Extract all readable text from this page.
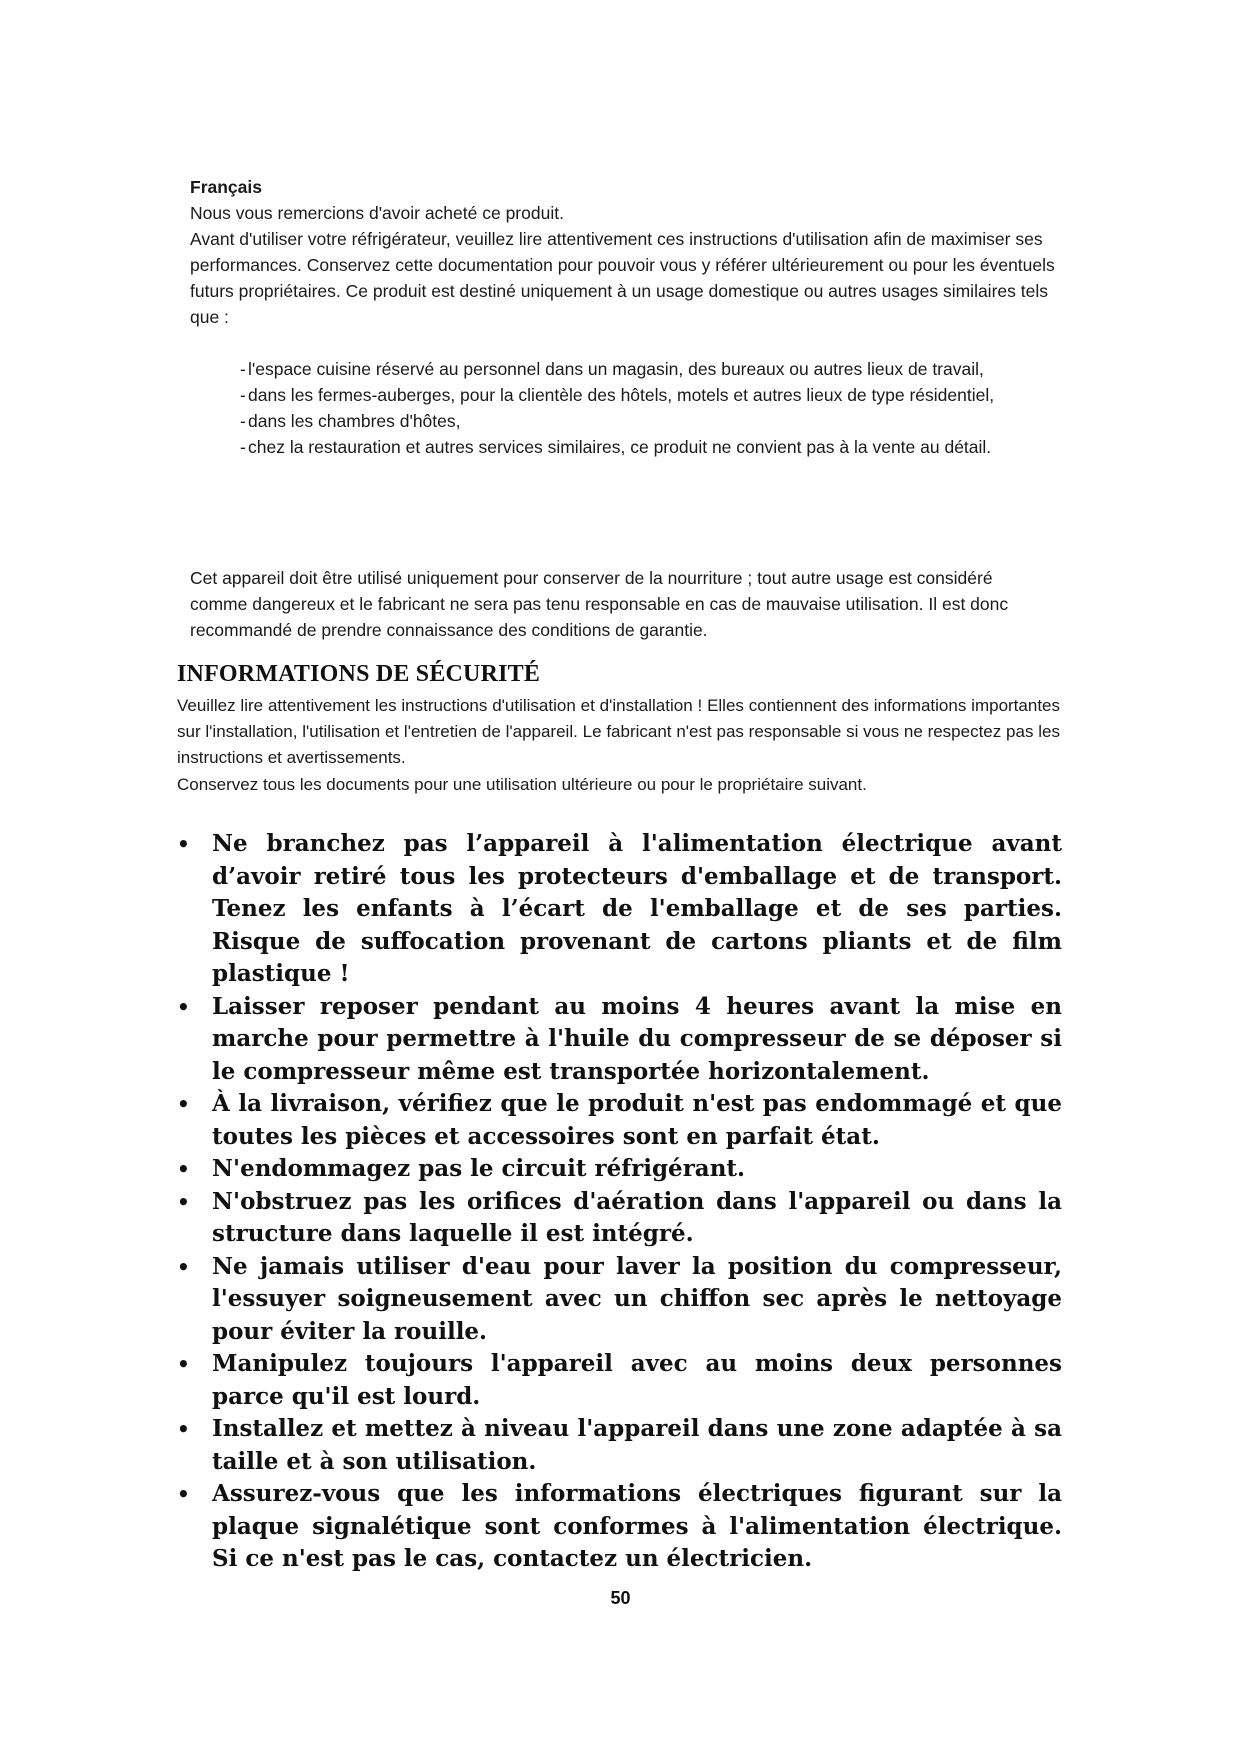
Français

Nous vous remercions d'avoir acheté ce produit.

Avant d'utiliser votre réfrigérateur, veuillez lire attentivement ces instructions d'utilisation afin de maximiser ses performances. Conservez cette documentation pour pouvoir vous y référer ultérieurement ou pour les éventuels futurs propriétaires. Ce produit est destiné uniquement à un usage domestique ou autres usages similaires tels que :

- l'espace cuisine réservé au personnel dans un magasin, des bureaux ou autres lieux de travail,
- dans les fermes-auberges, pour la clientèle des hôtels, motels et autres lieux de type résidentiel,
- dans les chambres d'hôtes,
- chez la restauration et autres services similaires, ce produit ne convient pas à la vente au détail.

Cet appareil doit être utilisé uniquement pour conserver de la nourriture ; tout autre usage est considéré comme dangereux et le fabricant ne sera pas tenu responsable en cas de mauvaise utilisation. Il est donc recommandé de prendre connaissance des conditions de garantie.

INFORMATIONS DE SÉCURITÉ

Veuillez lire attentivement les instructions d'utilisation et d'installation ! Elles contiennent des informations importantes sur l'installation, l'utilisation et l'entretien de l'appareil. Le fabricant n'est pas responsable si vous ne respectez pas les instructions et avertissements.

Conservez tous les documents pour une utilisation ultérieure ou pour le propriétaire suivant.

• Ne branchez pas l’appareil à l'alimentation électrique avant d’avoir retiré tous les protecteurs d'emballage et de transport. Tenez les enfants à l’écart de l'emballage et de ses parties. Risque de suffocation provenant de cartons pliants et de film plastique !
• Laisser reposer pendant au moins 4 heures avant la mise en marche pour permettre à l'huile du compresseur de se déposer si le compresseur même est transportée horizontalement.
• À la livraison, vérifiez que le produit n'est pas endommagé et que toutes les pièces et accessoires sont en parfait état.
• N'endommagez pas le circuit réfrigérant.
• N'obstruez pas les orifices d'aération dans l'appareil ou dans la structure dans laquelle il est intégré.
• Ne jamais utiliser d'eau pour laver la position du compresseur, l'essuyer soigneusement avec un chiffon sec après le nettoyage pour éviter la rouille.
• Manipulez toujours l'appareil avec au moins deux personnes parce qu'il est lourd.
• Installez et mettez à niveau l'appareil dans une zone adaptée à sa taille et à son utilisation.
• Assurez-vous que les informations électriques figurant sur la plaque signalétique sont conformes à l'alimentation électrique. Si ce n'est pas le cas, contactez un électricien.
50
